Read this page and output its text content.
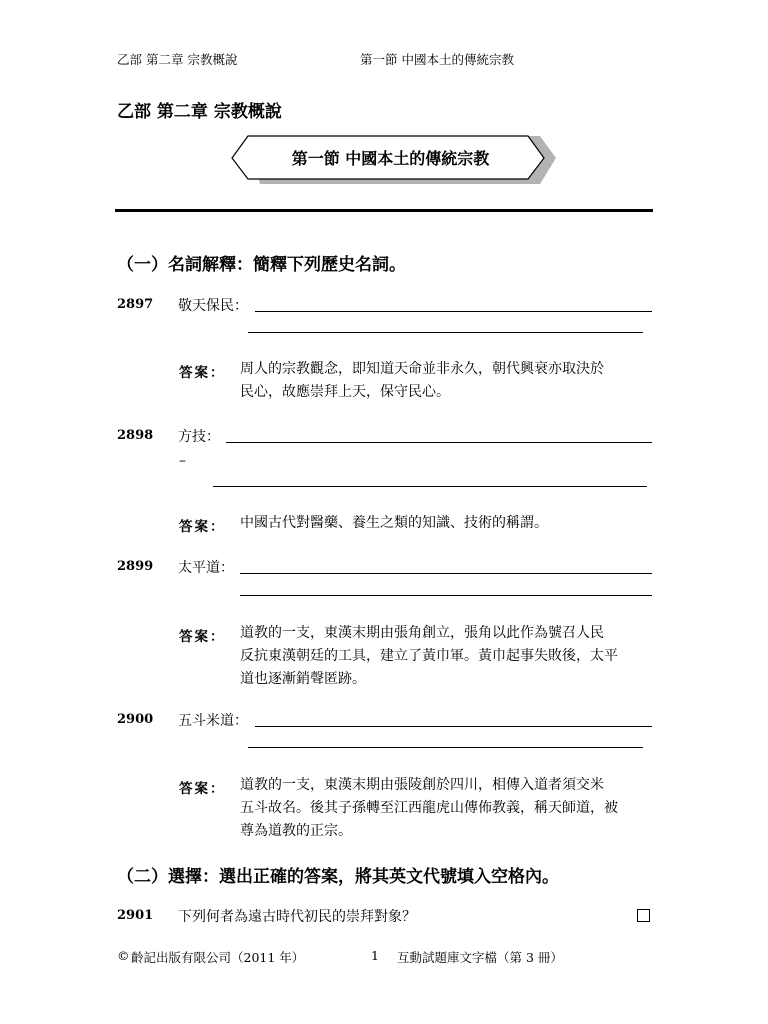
乙部 第二章 宗教概說	第一節 中國本土的傳統宗教
乙部 第二章 宗教概說
第一節 中國本土的傳統宗教
（一）名詞解釋：簡釋下列歷史名詞。
2897 敬天保民：
答案： 周人的宗教觀念，即知道天命並非永久，朝代興衰亦取決於
民心，故應崇拜上天，保守民心。
2898 方技：
–
答案： 中國古代對醫藥、養生之類的知識、技術的稱謂。
2899 太平道：
答案： 道教的一支，東漢末期由張角創立，張角以此作為號召人民
反抗東漢朝廷的工具，建立了黃巾軍。黃巾起事失敗後，太平
道也逐漸銷聲匿跡。
2900 五斗米道：
答案： 道教的一支，東漢末期由張陵創於四川，相傳入道者須交米
五斗故名。後其子孫轉至江西龍虎山傳佈教義，稱天師道，被
尊為道教的正宗。
（二）選擇：選出正確的答案，將其英文代號填入空格內。
2901 下列何者為遠古時代初民的崇拜對象？
© 齡記出版有限公司（2011 年）	1 互動試題庫文字檔（第 3 冊）
